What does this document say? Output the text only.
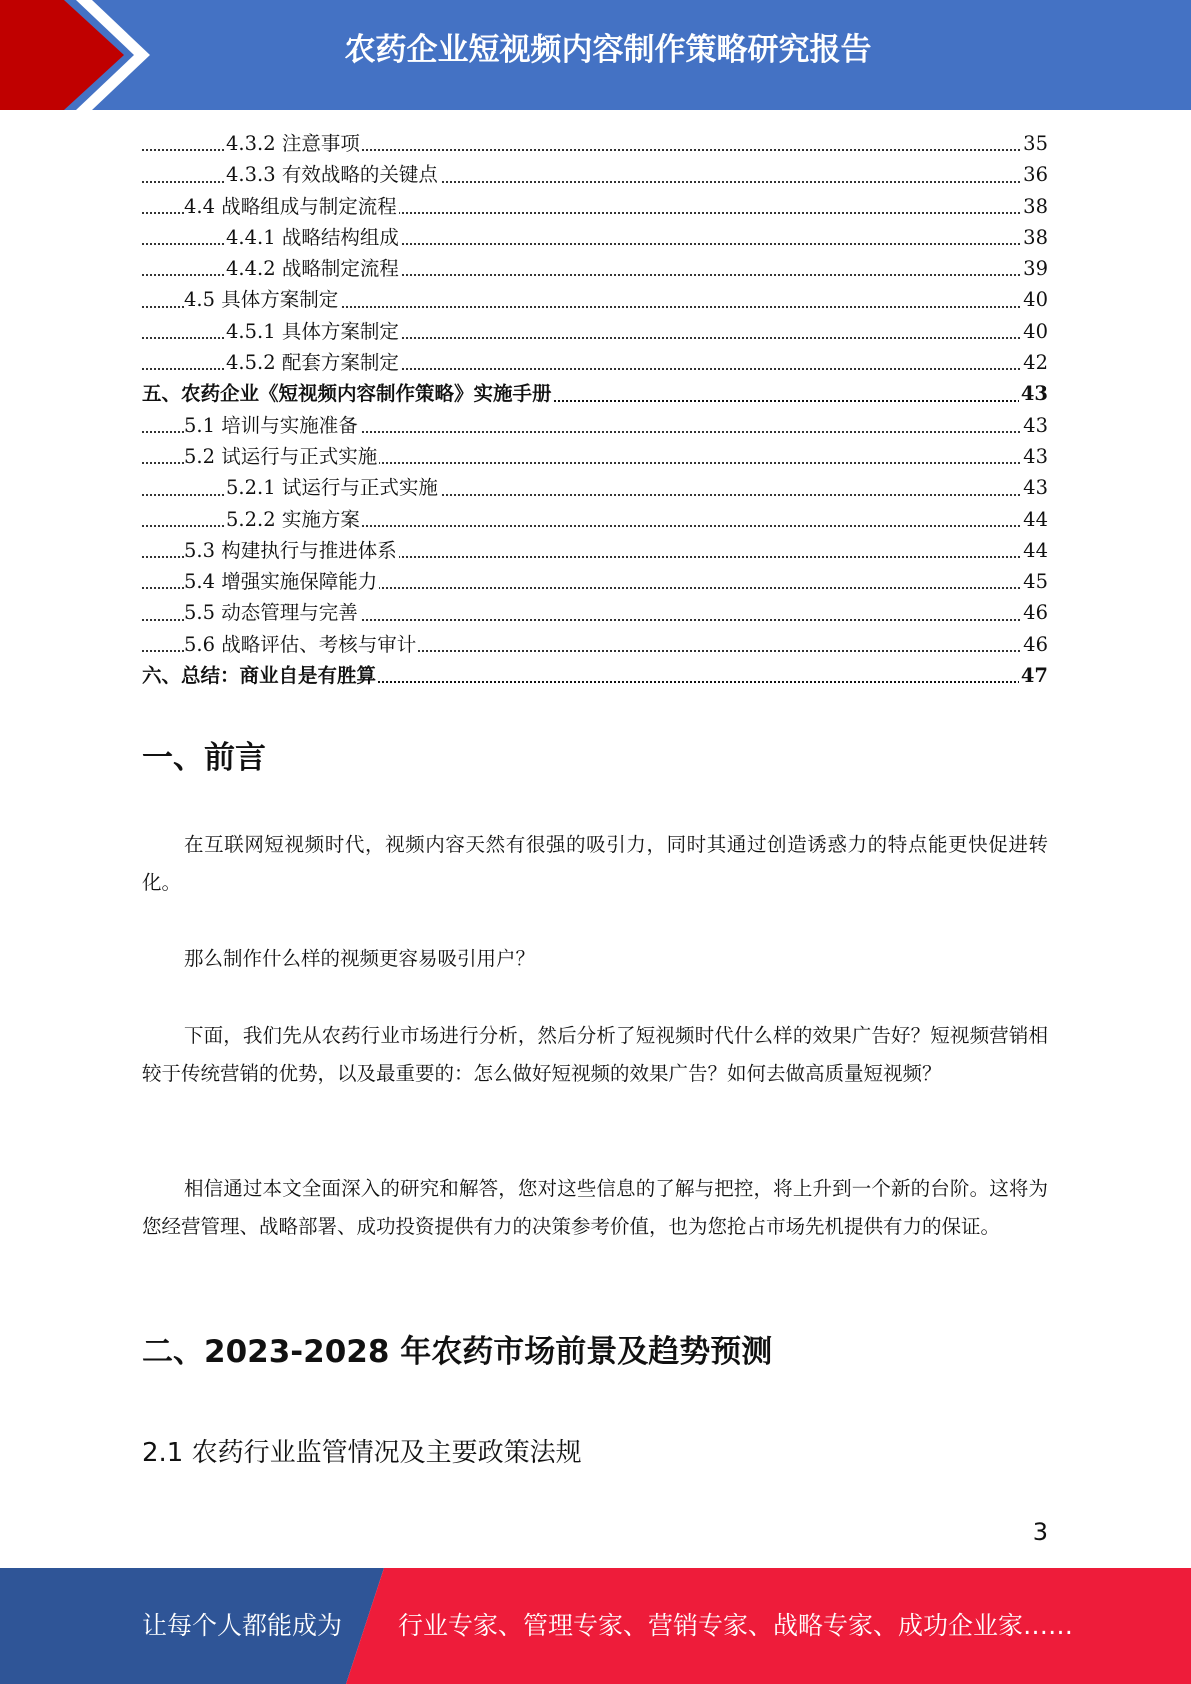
农药企业短视频内容制作策略研究报告
4.3.2 注意事项	35
4.3.3 有效战略的关键点	36
4.4 战略组成与制定流程	38
4.4.1 战略结构组成	38
4.4.2 战略制定流程	39
4.5 具体方案制定	40
4.5.1 具体方案制定	40
4.5.2 配套方案制定	42
五、农药企业《短视频内容制作策略》实施手册	43
5.1 培训与实施准备	43
5.2 试运行与正式实施	43
5.2.1 试运行与正式实施	43
5.2.2 实施方案	44
5.3 构建执行与推进体系	44
5.4 增强实施保障能力	45
5.5 动态管理与完善	46
5.6 战略评估、考核与审计	46
六、总结：商业自是有胜算	47
一、前言

在互联网短视频时代，视频内容天然有很强的吸引力，同时其通过创造诱惑力的特点能更快促进转化。

那么制作什么样的视频更容易吸引用户？

下面，我们先从农药行业市场进行分析，然后分析了短视频时代什么样的效果广告好？短视频营销相较于传统营销的优势，以及最重要的：怎么做好短视频的效果广告？如何去做高质量短视频？

相信通过本文全面深入的研究和解答，您对这些信息的了解与把控，将上升到一个新的台阶。这将为您经营管理、战略部署、成功投资提供有力的决策参考价值，也为您抢占市场先机提供有力的保证。

二、2023-2028 年农药市场前景及趋势预测
2.1 农药行业监管情况及主要政策法规
3
让每个人都能成为 行业专家、管理专家、营销专家、战略专家、成功企业家……
